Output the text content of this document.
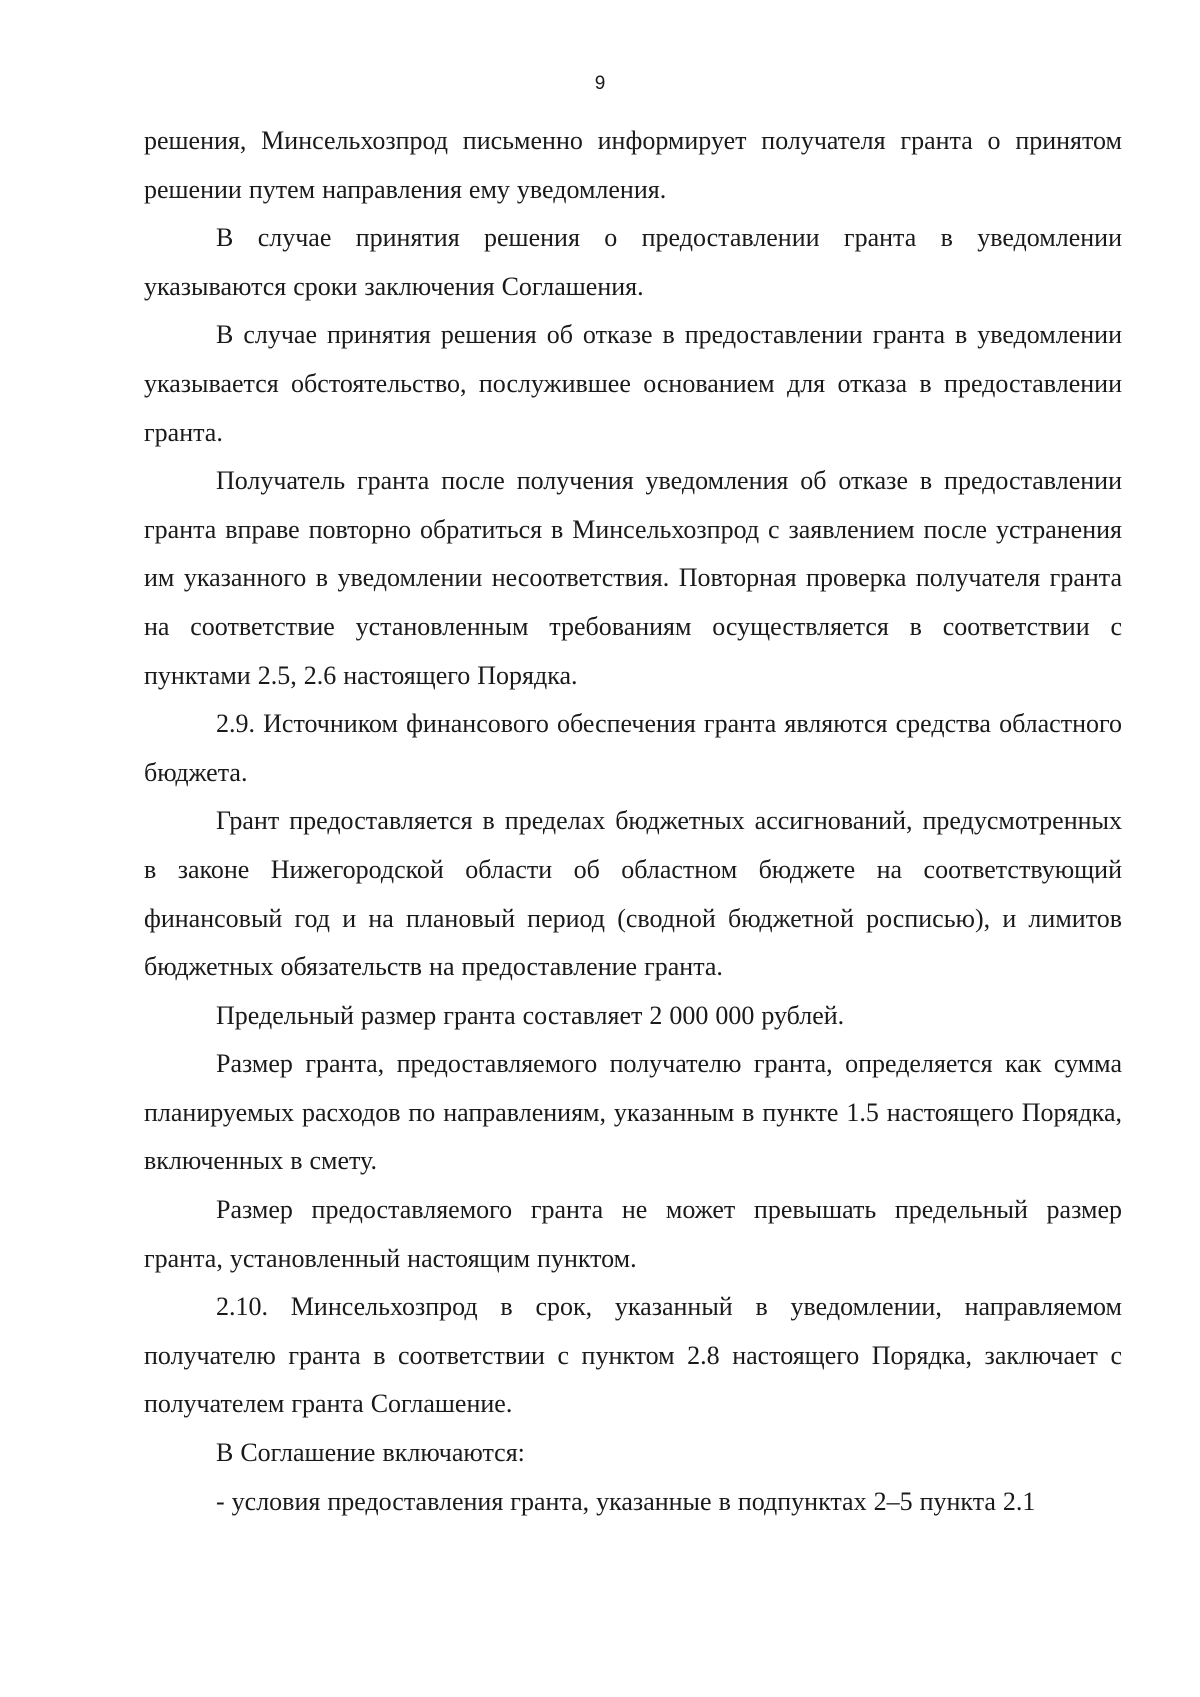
9

решения, Минсельхозпрод письменно информирует получателя гранта о принятом решении путем направления ему уведомления.

В случае принятия решения о предоставлении гранта в уведомлении указываются сроки заключения Соглашения.

В случае принятия решения об отказе в предоставлении гранта в уведомлении указывается обстоятельство, послужившее основанием для отказа в предоставлении гранта.

Получатель гранта после получения уведомления об отказе в предоставлении гранта вправе повторно обратиться в Минсельхозпрод с заявлением после устранения им указанного в уведомлении несоответствия. Повторная проверка получателя гранта на соответствие установленным требованиям осуществляется в соответствии с пунктами 2.5, 2.6 настоящего Порядка.

2.9. Источником финансового обеспечения гранта являются средства областного бюджета.

Грант предоставляется в пределах бюджетных ассигнований, предусмотренных в законе Нижегородской области об областном бюджете на соответствующий финансовый год и на плановый период (сводной бюджетной росписью), и лимитов бюджетных обязательств на предоставление гранта.

Предельный размер гранта составляет 2 000 000 рублей.

Размер гранта, предоставляемого получателю гранта, определяется как сумма планируемых расходов по направлениям, указанным в пункте 1.5 настоящего Порядка, включенных в смету.

Размер предоставляемого гранта не может превышать предельный размер гранта, установленный настоящим пунктом.

2.10. Минсельхозпрод в срок, указанный в уведомлении, направляемом получателю гранта в соответствии с пунктом 2.8 настоящего Порядка, заключает с получателем гранта Соглашение.

В Соглашение включаются:

- условия предоставления гранта, указанные в подпунктах 2–5 пункта 2.1
